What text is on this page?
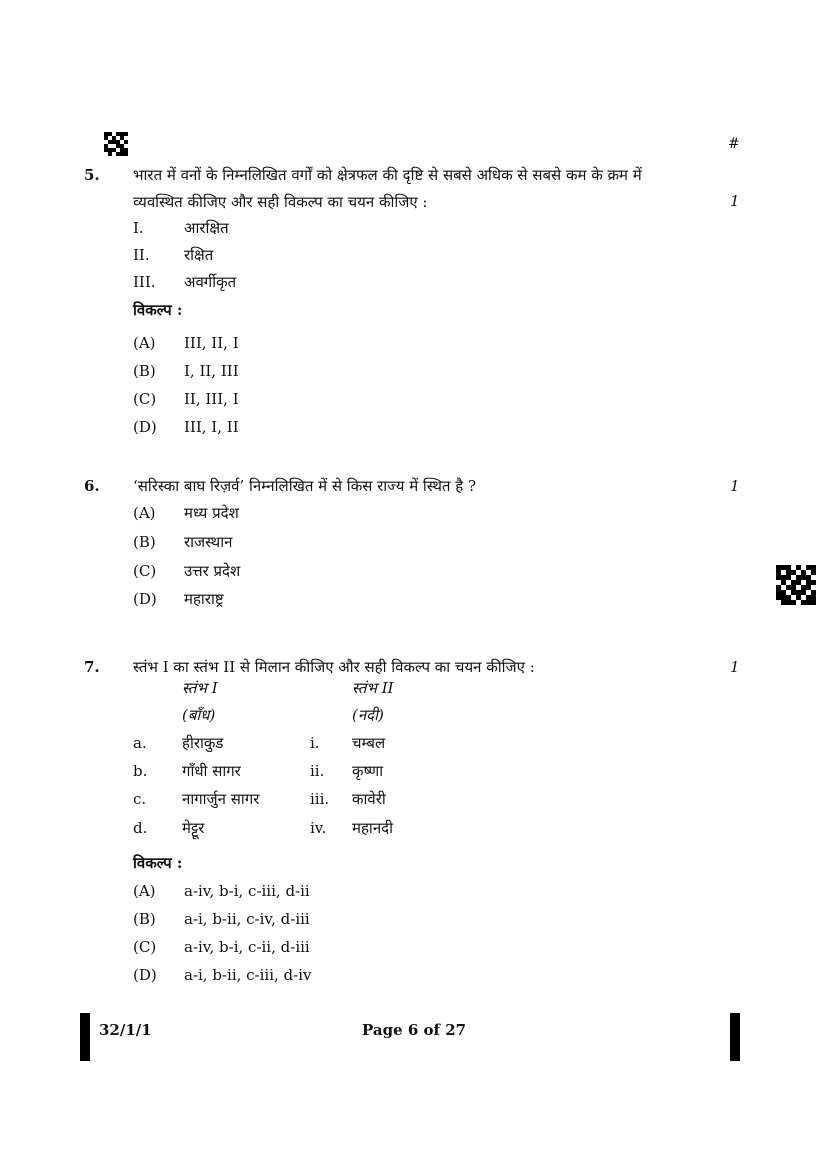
#
5. भारत में वनों के निम्नलिखित वर्गों को क्षेत्रफल की दृष्टि से सबसे अधिक से सबसे कम के क्रम में
व्यवस्थित कीजिए और सही विकल्प का चयन कीजिए :	1
I.	आरक्षित
II. रक्षित
III. अवर्गीकृत
विकल्प :
(A) III, II, I
(B) I, II, III
(C) II, III, I
(D) III, I, II
6. ‘सरिस्का बाघ रिज़र्व’ निम्नलिखित में से किस राज्य में स्थित है ?	1
(A) मध्य प्रदेश
(B) राजस्थान
(C) उत्तर प्रदेश
(D) महाराष्ट्र
7. स्तंभ I का स्तंभ II से मिलान कीजिए और सही विकल्प का चयन कीजिए :	1
स्तंभ I	स्तंभ II
(बाँध)	(नदी)
a. हीराकुड	i. चम्बल
b. गाँधी सागर	ii. कृष्णा
c. नागार्जुन सागर	iii. कावेरी
d. मेट्टूर	iv. महानदी
विकल्प :
(A) a-iv, b-i, c-iii, d-ii
(B) a-i, b-ii, c-iv, d-iii
(C) a-iv, b-i, c-ii, d-iii
(D) a-i, b-ii, c-iii, d-iv
32/1/1	Page 6 of 27
